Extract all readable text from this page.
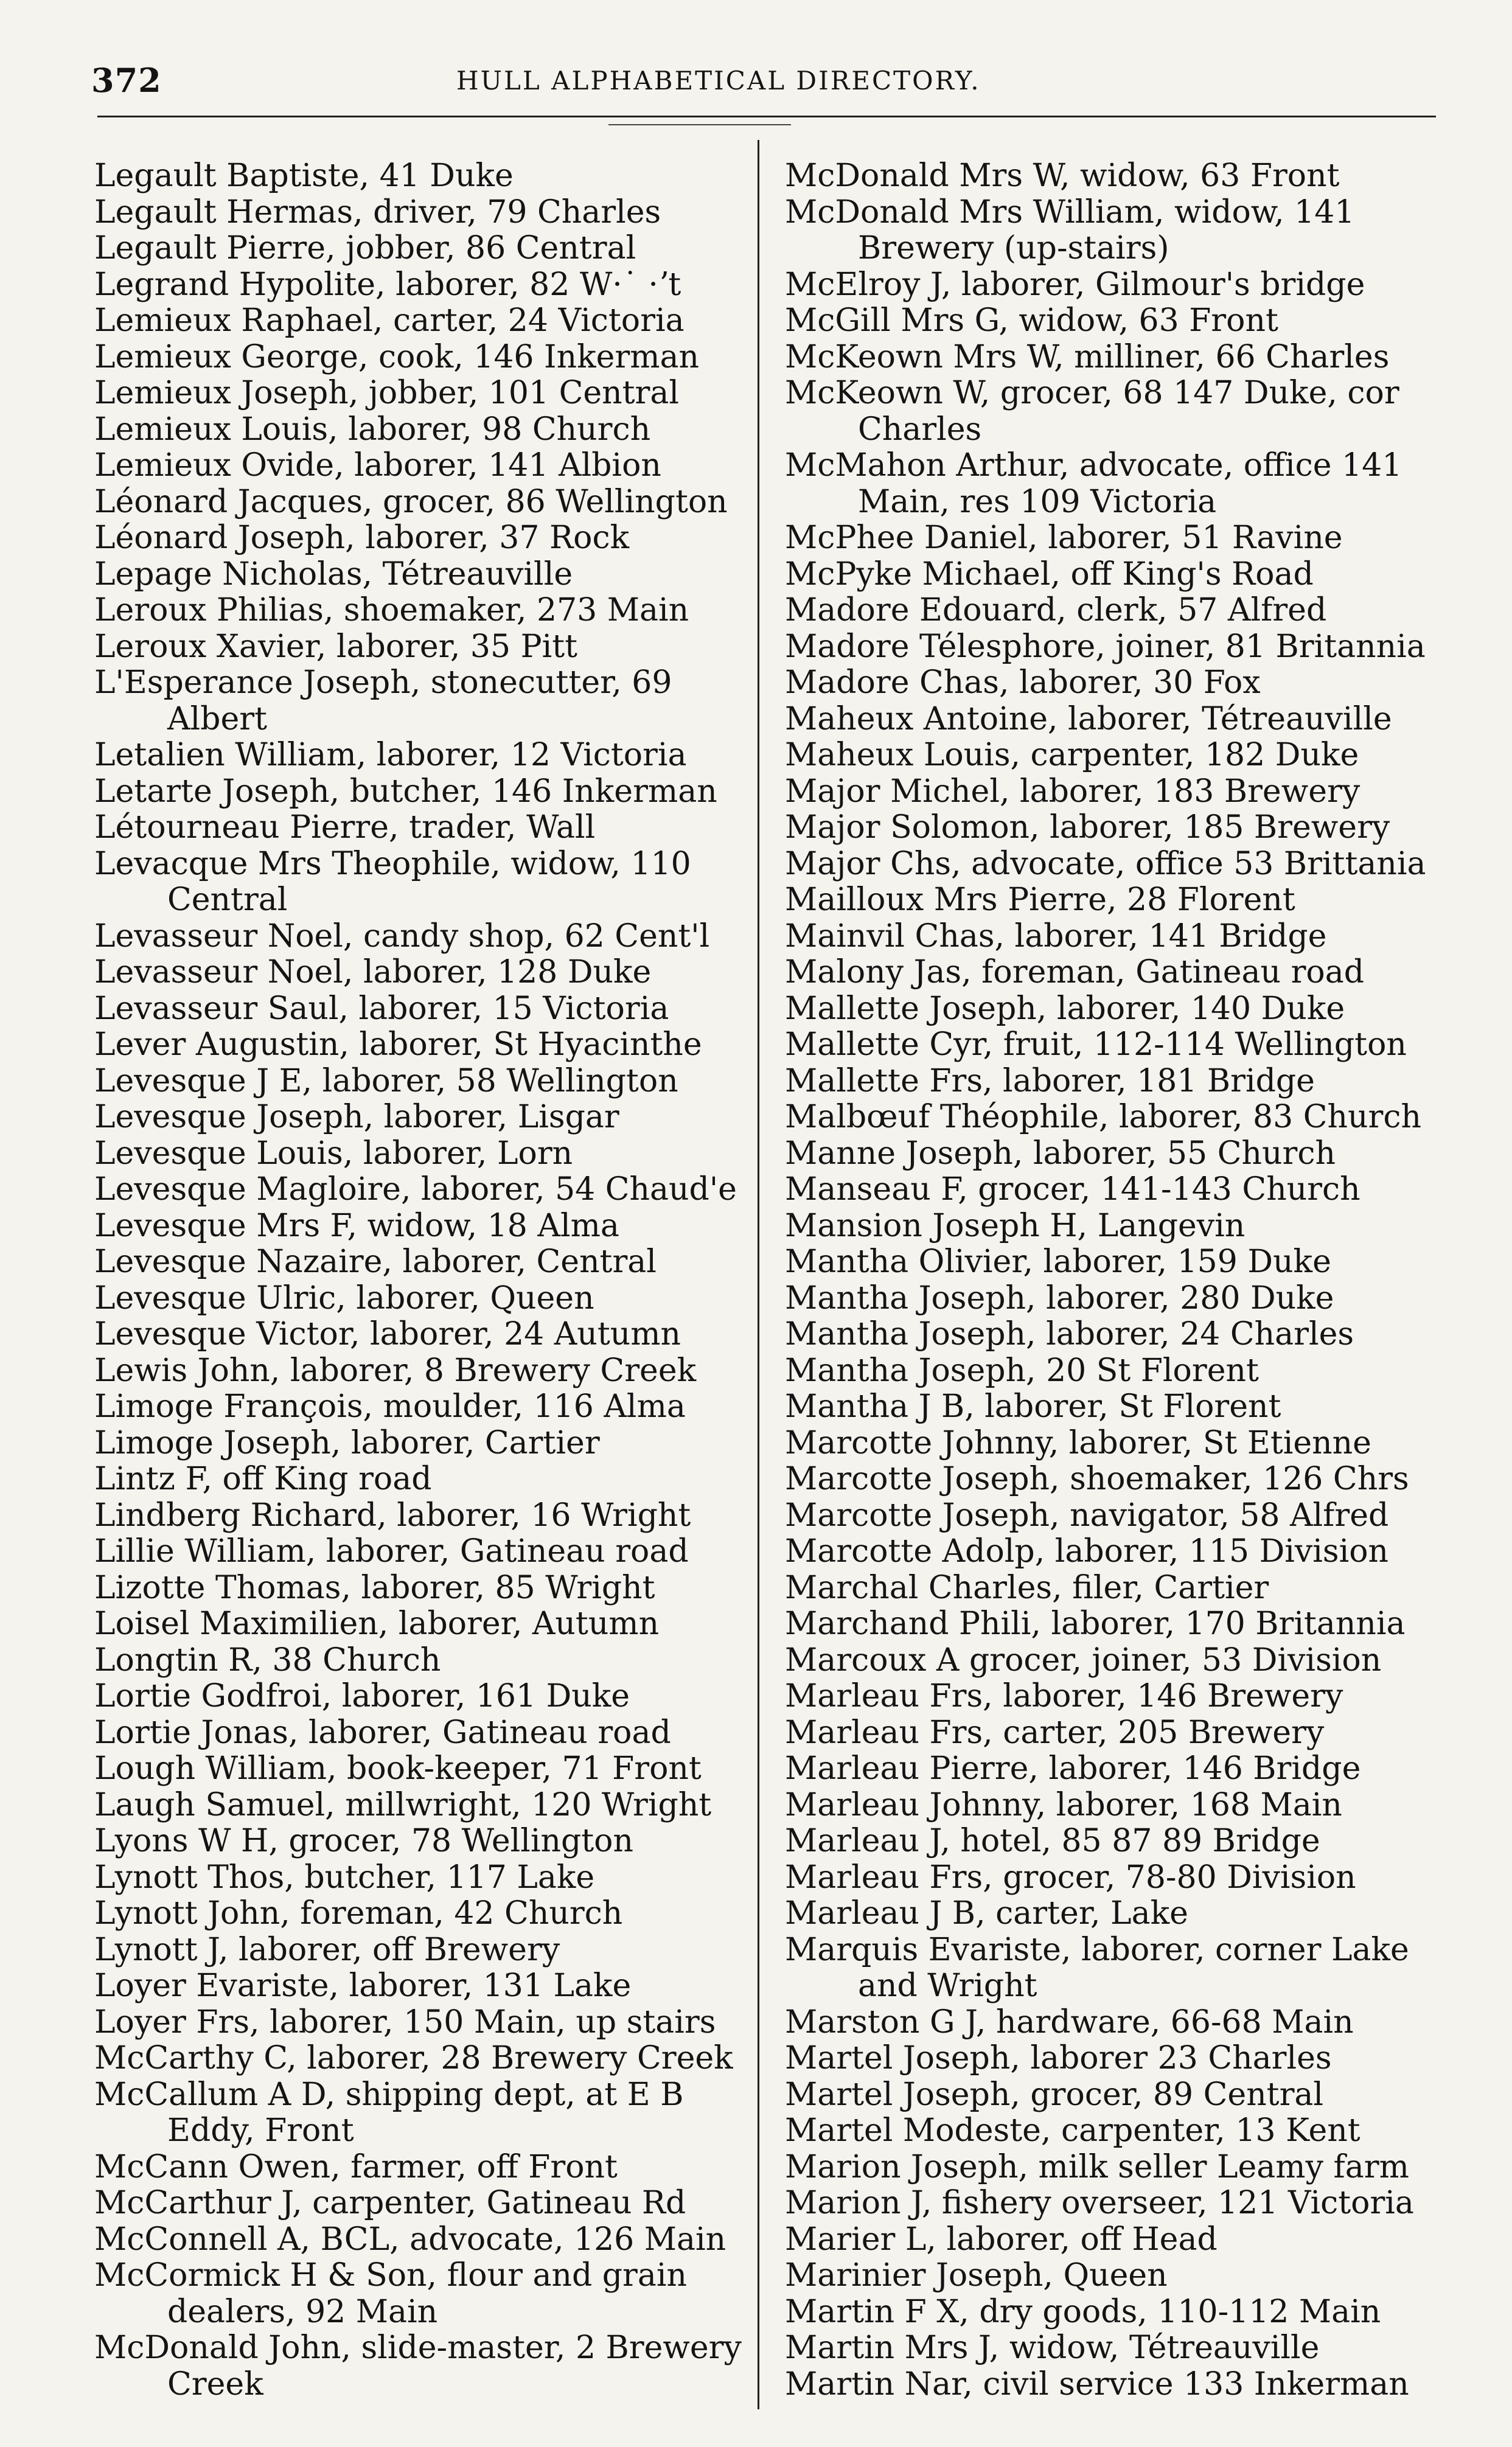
372	HULL ALPHABETICAL DIRECTORY.

Legault Baptiste, 41 Duke

Legault Hermas, driver, 79 Charles

Legault Pierre, jobber, 86 Central

Legrand Hypolite, laborer, 82 W·˙ ·ʼt

Lemieux Raphael, carter, 24 Victoria

Lemieux George, cook, 146 Inkerman

Lemieux Joseph, jobber, 101 Central

Lemieux Louis, laborer, 98 Church

Lemieux Ovide, laborer, 141 Albion

Léonard Jacques, grocer, 86 Wellington

Léonard Joseph, laborer, 37 Rock

Lepage Nicholas, Tétreauville

Leroux Philias, shoemaker, 273 Main

Leroux Xavier, laborer, 35 Pitt

L'Esperance Joseph, stonecutter, 69 Albert

Letalien William, laborer, 12 Victoria

Letarte Joseph, butcher, 146 Inkerman

Létourneau Pierre, trader, Wall

Levacque Mrs Theophile, widow, 110 Central

Levasseur Noel, candy shop, 62 Cent'l

Levasseur Noel, laborer, 128 Duke

Levasseur Saul, laborer, 15 Victoria

Lever Augustin, laborer, St Hyacinthe

Levesque J E, laborer, 58 Wellington

Levesque Joseph, laborer, Lisgar

Levesque Louis, laborer, Lorn

Levesque Magloire, laborer, 54 Chaud'e

Levesque Mrs F, widow, 18 Alma

Levesque Nazaire, laborer, Central

Levesque Ulric, laborer, Queen

Levesque Victor, laborer, 24 Autumn

Lewis John, laborer, 8 Brewery Creek

Limoge François, moulder, 116 Alma

Limoge Joseph, laborer, Cartier

Lintz F, off King road

Lindberg Richard, laborer, 16 Wright

Lillie William, laborer, Gatineau road

Lizotte Thomas, laborer, 85 Wright

Loisel Maximilien, laborer, Autumn

Longtin R, 38 Church

Lortie Godfroi, laborer, 161 Duke

Lortie Jonas, laborer, Gatineau road

Lough William, book-keeper, 71 Front

Laugh Samuel, millwright, 120 Wright

Lyons W H, grocer, 78 Wellington

Lynott Thos, butcher, 117 Lake

Lynott John, foreman, 42 Church

Lynott J, laborer, off Brewery

Loyer Evariste, laborer, 131 Lake

Loyer Frs, laborer, 150 Main, up stairs

McCarthy C, laborer, 28 Brewery Creek

McCallum A D, shipping dept, at E B Eddy, Front

McCann Owen, farmer, off Front

McCarthur J, carpenter, Gatineau Rd

McConnell A, BCL, advocate, 126 Main

McCormick H & Son, flour and grain dealers, 92 Main

McDonald John, slide-master, 2 Brewery Creek

McDonald Mrs W, widow, 63 Front

McDonald Mrs William, widow, 141 Brewery (up-stairs)

McElroy J, laborer, Gilmour's bridge

McGill Mrs G, widow, 63 Front

McKeown Mrs W, milliner, 66 Charles

McKeown W, grocer, 68 147 Duke, cor Charles

McMahon Arthur, advocate, office 141 Main, res 109 Victoria

McPhee Daniel, laborer, 51 Ravine

McPyke Michael, off King's Road

Madore Edouard, clerk, 57 Alfred

Madore Télesphore, joiner, 81 Britannia

Madore Chas, laborer, 30 Fox

Maheux Antoine, laborer, Tétreauville

Maheux Louis, carpenter, 182 Duke

Major Michel, laborer, 183 Brewery

Major Solomon, laborer, 185 Brewery

Major Chs, advocate, office 53 Brittania

Mailloux Mrs Pierre, 28 Florent

Mainvil Chas, laborer, 141 Bridge

Malony Jas, foreman, Gatineau road

Mallette Joseph, laborer, 140 Duke

Mallette Cyr, fruit, 112-114 Wellington

Mallette Frs, laborer, 181 Bridge

Malbœuf Théophile, laborer, 83 Church

Manne Joseph, laborer, 55 Church

Manseau F, grocer, 141-143 Church

Mansion Joseph H, Langevin

Mantha Olivier, laborer, 159 Duke

Mantha Joseph, laborer, 280 Duke

Mantha Joseph, laborer, 24 Charles

Mantha Joseph, 20 St Florent

Mantha J B, laborer, St Florent

Marcotte Johnny, laborer, St Etienne

Marcotte Joseph, shoemaker, 126 Chrs

Marcotte Joseph, navigator, 58 Alfred

Marcotte Adolp, laborer, 115 Division

Marchal Charles, filer, Cartier

Marchand Phili, laborer, 170 Britannia

Marcoux A grocer, joiner, 53 Division

Marleau Frs, laborer, 146 Brewery

Marleau Frs, carter, 205 Brewery

Marleau Pierre, laborer, 146 Bridge

Marleau Johnny, laborer, 168 Main

Marleau J, hotel, 85 87 89 Bridge

Marleau Frs, grocer, 78-80 Division

Marleau J B, carter, Lake

Marquis Evariste, laborer, corner Lake and Wright

Marston G J, hardware, 66-68 Main

Martel Joseph, laborer 23 Charles

Martel Joseph, grocer, 89 Central

Martel Modeste, carpenter, 13 Kent

Marion Joseph, milk seller Leamy farm

Marion J, fishery overseer, 121 Victoria

Marier L, laborer, off Head

Marinier Joseph, Queen

Martin F X, dry goods, 110-112 Main

Martin Mrs J, widow, Tétreauville

Martin Nar, civil service 133 Inkerman
